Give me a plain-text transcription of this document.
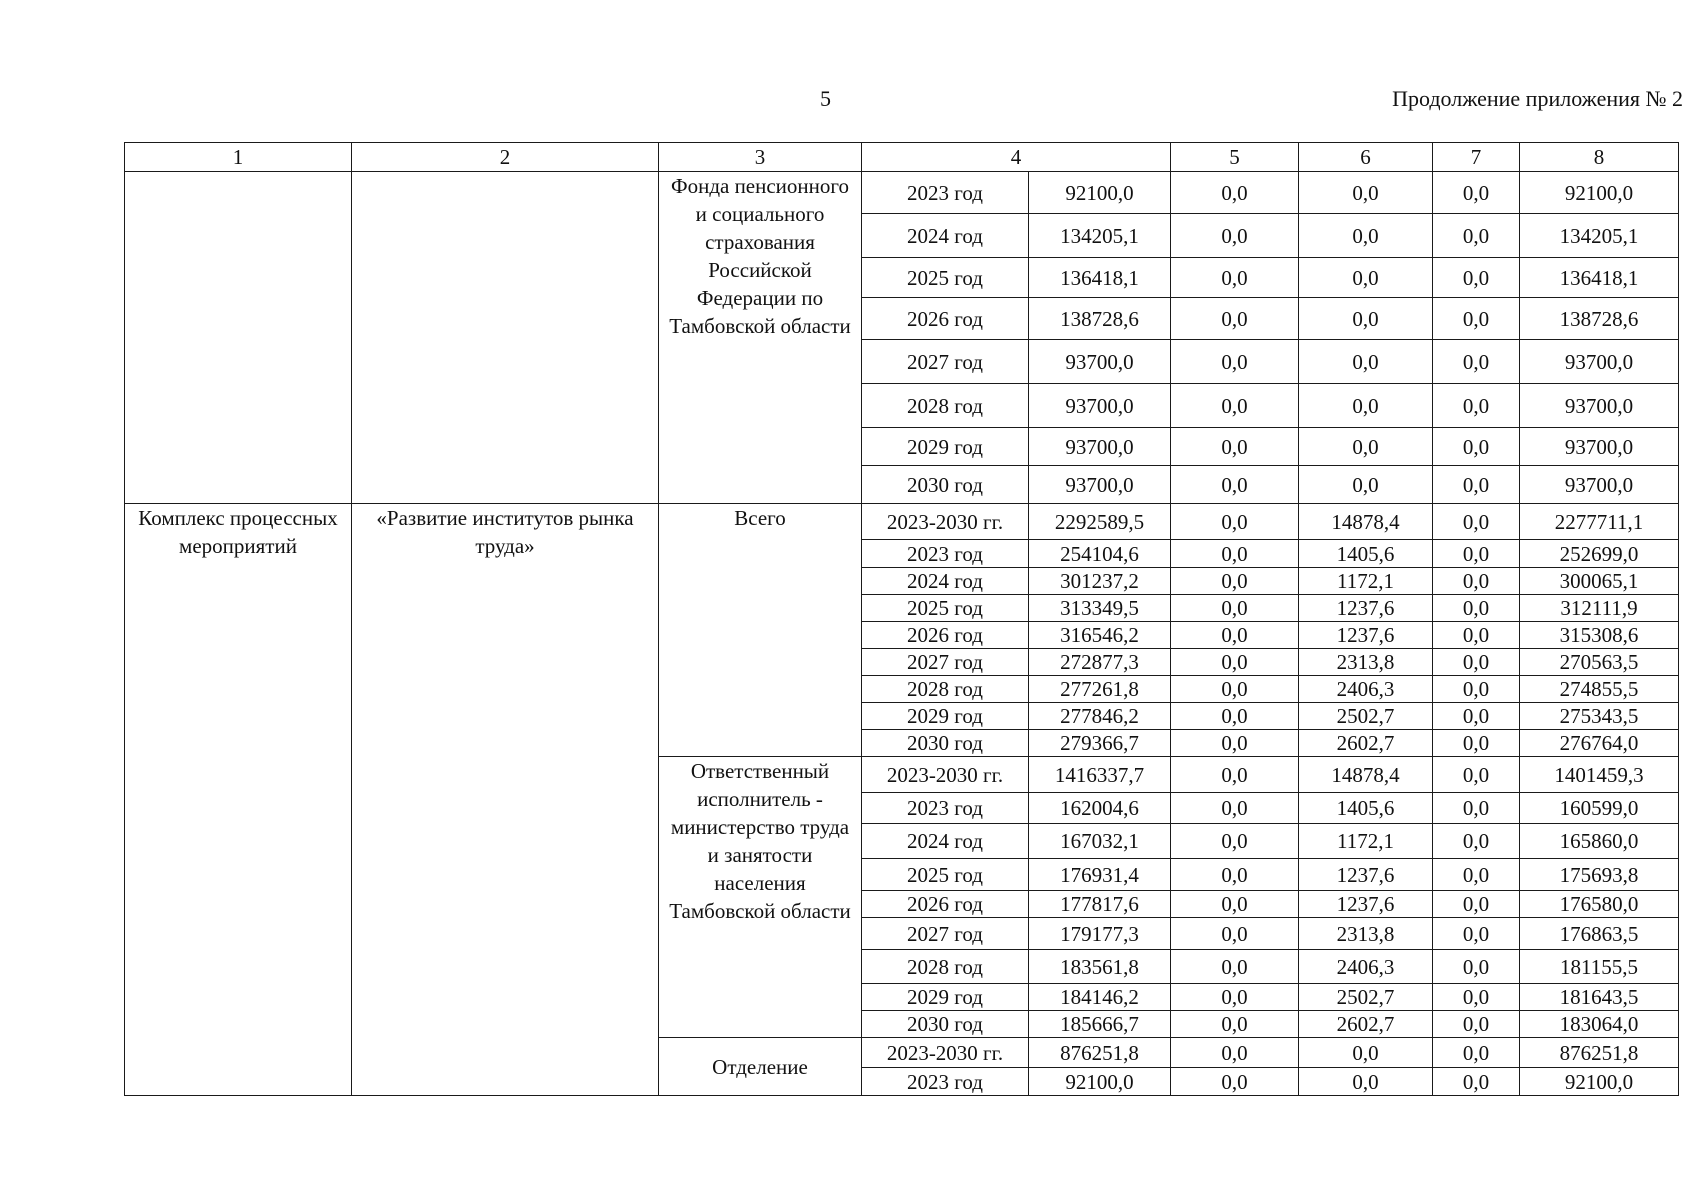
5	Продолжение приложения № 2
1	2	3	4		5	6	7	8
		Фонда пенсионного и социального страхования Российской Федерации по Тамбовской области	2023 год	92100,0	0,0	0,0	0,0	92100,0
			2024 год	134205,1	0,0	0,0	0,0	134205,1
			2025 год	136418,1	0,0	0,0	0,0	136418,1
			2026 год	138728,6	0,0	0,0	0,0	138728,6
			2027 год	93700,0	0,0	0,0	0,0	93700,0
			2028 год	93700,0	0,0	0,0	0,0	93700,0
			2029 год	93700,0	0,0	0,0	0,0	93700,0
			2030 год	93700,0	0,0	0,0	0,0	93700,0
Комплекс процессных мероприятий	«Развитие институтов рынка труда»	Всего	2023-2030 гг.	2292589,5	0,0	14878,4	0,0	2277711,1
			2023 год	254104,6	0,0	1405,6	0,0	252699,0
			2024 год	301237,2	0,0	1172,1	0,0	300065,1
			2025 год	313349,5	0,0	1237,6	0,0	312111,9
			2026 год	316546,2	0,0	1237,6	0,0	315308,6
			2027 год	272877,3	0,0	2313,8	0,0	270563,5
			2028 год	277261,8	0,0	2406,3	0,0	274855,5
			2029 год	277846,2	0,0	2502,7	0,0	275343,5
			2030 год	279366,7	0,0	2602,7	0,0	276764,0
		Ответственный исполнитель - министерство труда и занятости населения Тамбовской области	2023-2030 гг.	1416337,7	0,0	14878,4	0,0	1401459,3
			2023 год	162004,6	0,0	1405,6	0,0	160599,0
			2024 год	167032,1	0,0	1172,1	0,0	165860,0
			2025 год	176931,4	0,0	1237,6	0,0	175693,8
			2026 год	177817,6	0,0	1237,6	0,0	176580,0
			2027 год	179177,3	0,0	2313,8	0,0	176863,5
			2028 год	183561,8	0,0	2406,3	0,0	181155,5
			2029 год	184146,2	0,0	2502,7	0,0	181643,5
			2030 год	185666,7	0,0	2602,7	0,0	183064,0
		Отделение	2023-2030 гг.	876251,8	0,0	0,0	0,0	876251,8
			2023 год	92100,0	0,0	0,0	0,0	92100,0
